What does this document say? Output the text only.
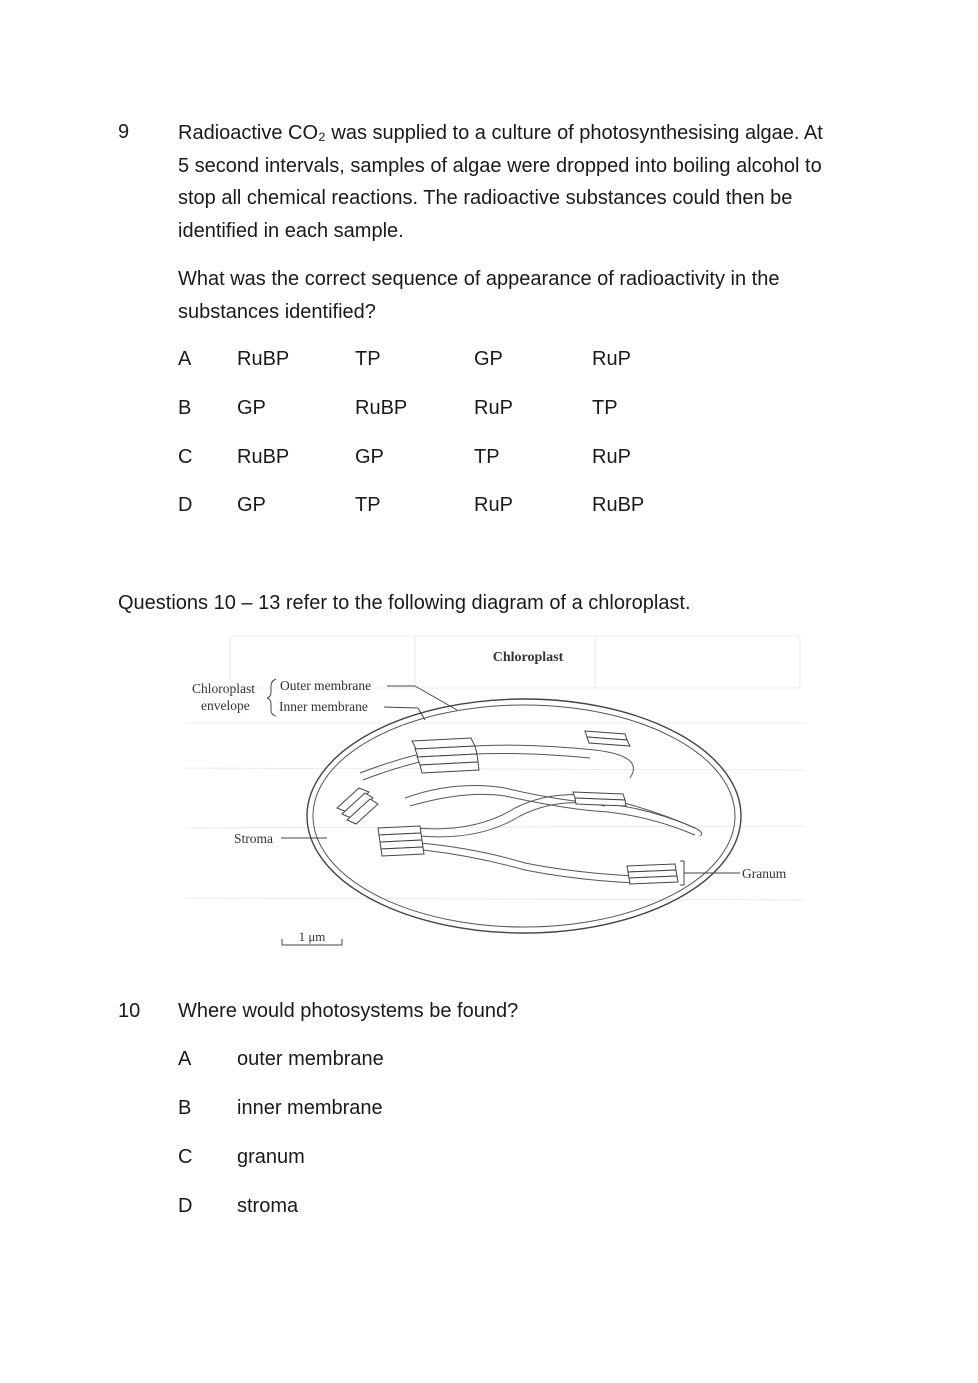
9 Radioactive CO₂ was supplied to a culture of photosynthesising algae. At
5 second intervals, samples of algae were dropped into boiling alcohol to
stop all chemical reactions. The radioactive substances could then be
identified in each sample.
What was the correct sequence of appearance of radioactivity in the
substances identified?
A RuBP	TP	GP	RuP
B GP	RuBP	RuP	TP
C RuBP	GP	TP	RuP
D GP	TP	RuP	RuBP
Questions 10 – 13 refer to the following diagram of a chloroplast.
Chloroplast
Chloroplast
envelope
Outer membrane
Inner membrane
Stroma
Granum
1 μm
10 Where would photosystems be found?
A outer membrane
B inner membrane
C granum
D stroma
